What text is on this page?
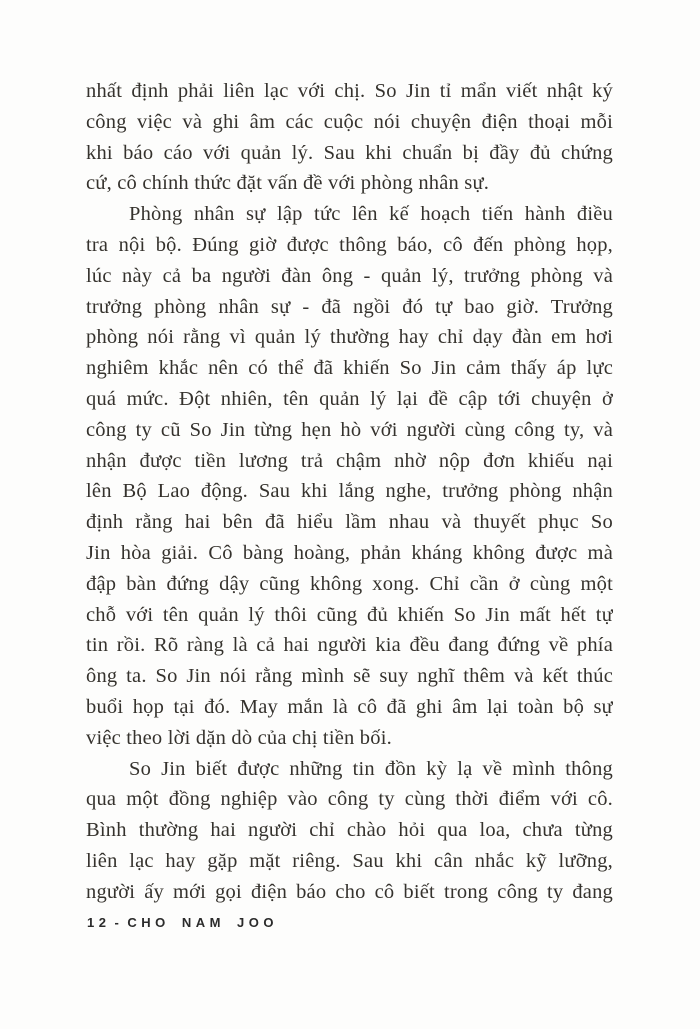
nhất định phải liên lạc với chị. So Jin tỉ mẩn viết nhật ký
công việc và ghi âm các cuộc nói chuyện điện thoại mỗi
khi báo cáo với quản lý. Sau khi chuẩn bị đầy đủ chứng
cứ, cô chính thức đặt vấn đề với phòng nhân sự.
Phòng nhân sự lập tức lên kế hoạch tiến hành điều
tra nội bộ. Đúng giờ được thông báo, cô đến phòng họp,
lúc này cả ba người đàn ông - quản lý, trưởng phòng và
trưởng phòng nhân sự - đã ngồi đó tự bao giờ. Trưởng
phòng nói rằng vì quản lý thường hay chỉ dạy đàn em hơi
nghiêm khắc nên có thể đã khiến So Jin cảm thấy áp lực
quá mức. Đột nhiên, tên quản lý lại đề cập tới chuyện ở
công ty cũ So Jin từng hẹn hò với người cùng công ty, và
nhận được tiền lương trả chậm nhờ nộp đơn khiếu nại
lên Bộ Lao động. Sau khi lắng nghe, trưởng phòng nhận
định rằng hai bên đã hiểu lầm nhau và thuyết phục So
Jin hòa giải. Cô bàng hoàng, phản kháng không được mà
đập bàn đứng dậy cũng không xong. Chỉ cần ở cùng một
chỗ với tên quản lý thôi cũng đủ khiến So Jin mất hết tự
tin rồi. Rõ ràng là cả hai người kia đều đang đứng về phía
ông ta. So Jin nói rằng mình sẽ suy nghĩ thêm và kết thúc
buổi họp tại đó. May mắn là cô đã ghi âm lại toàn bộ sự
việc theo lời dặn dò của chị tiền bối.
So Jin biết được những tin đồn kỳ lạ về mình thông
qua một đồng nghiệp vào công ty cùng thời điểm với cô.
Bình thường hai người chỉ chào hỏi qua loa, chưa từng
liên lạc hay gặp mặt riêng. Sau khi cân nhắc kỹ lưỡng,
người ấy mới gọi điện báo cho cô biết trong công ty đang
12 - CHO NAM JOO
